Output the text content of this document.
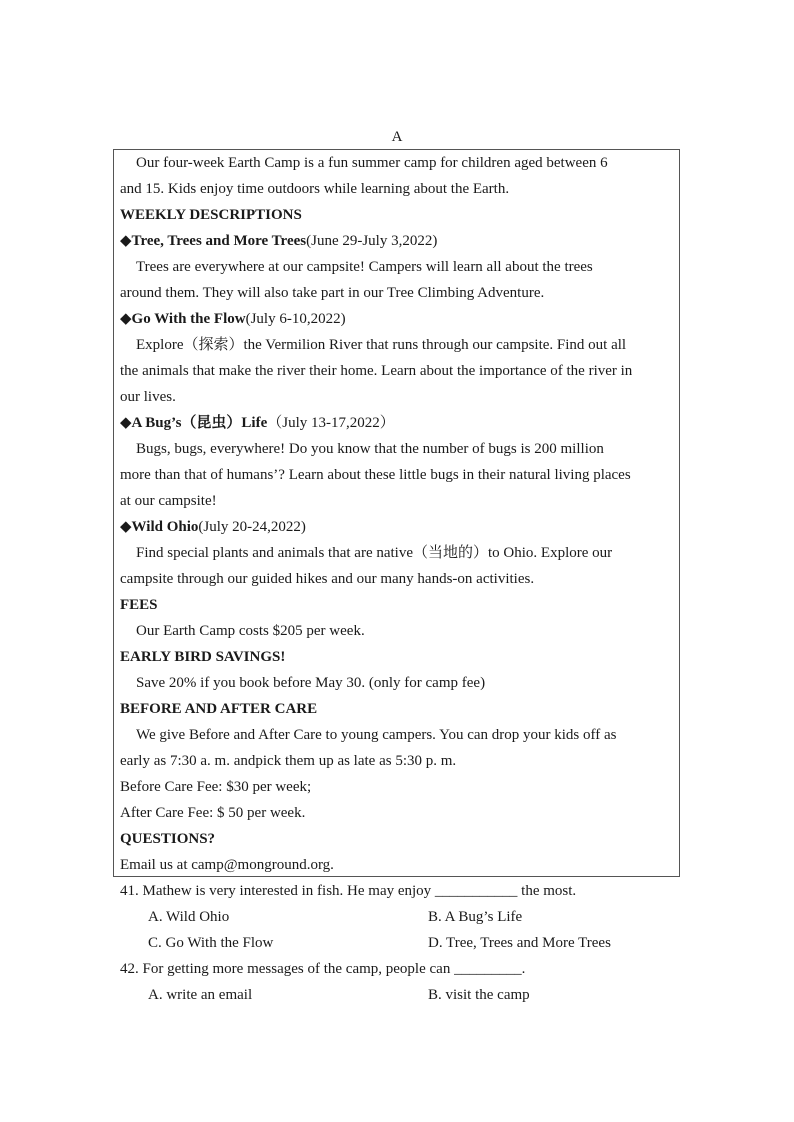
A
Our four-week Earth Camp is a fun summer camp for children aged between 6
and 15. Kids enjoy time outdoors while learning about the Earth.
WEEKLY DESCRIPTIONS
◆Tree, Trees and More Trees(June 29-July 3,2022)
Trees are everywhere at our campsite! Campers will learn all about the trees
around them. They will also take part in our Tree Climbing Adventure.
◆Go With the Flow(July 6-10,2022)
Explore（探索）the Vermilion River that runs through our campsite. Find out all
the animals that make the river their home. Learn about the importance of the river in
our lives.
◆A Bug’s（昆虫）Life（July 13-17,2022）
Bugs, bugs, everywhere! Do you know that the number of bugs is 200 million
more than that of humans’? Learn about these little bugs in their natural living places
at our campsite!
◆Wild Ohio(July 20-24,2022)
Find special plants and animals that are native（当地的）to Ohio. Explore our
campsite through our guided hikes and our many hands-on activities.
FEES
Our Earth Camp costs $205 per week.
EARLY BIRD SAVINGS!
Save 20% if you book before May 30. (only for camp fee)
BEFORE AND AFTER CARE
We give Before and After Care to young campers. You can drop your kids off as
early as 7:30 a. m. andpick them up as late as 5:30 p. m.
Before Care Fee: $30 per week;
After Care Fee: $ 50 per week.
QUESTIONS?
Email us at camp@monground.org.
41. Mathew is very interested in fish. He may enjoy ___________ the most.
A. Wild Ohio	B. A Bug’s Life
C. Go With the Flow	D. Tree, Trees and More Trees
42. For getting more messages of the camp, people can _________.
A. write an email	B. visit the camp
